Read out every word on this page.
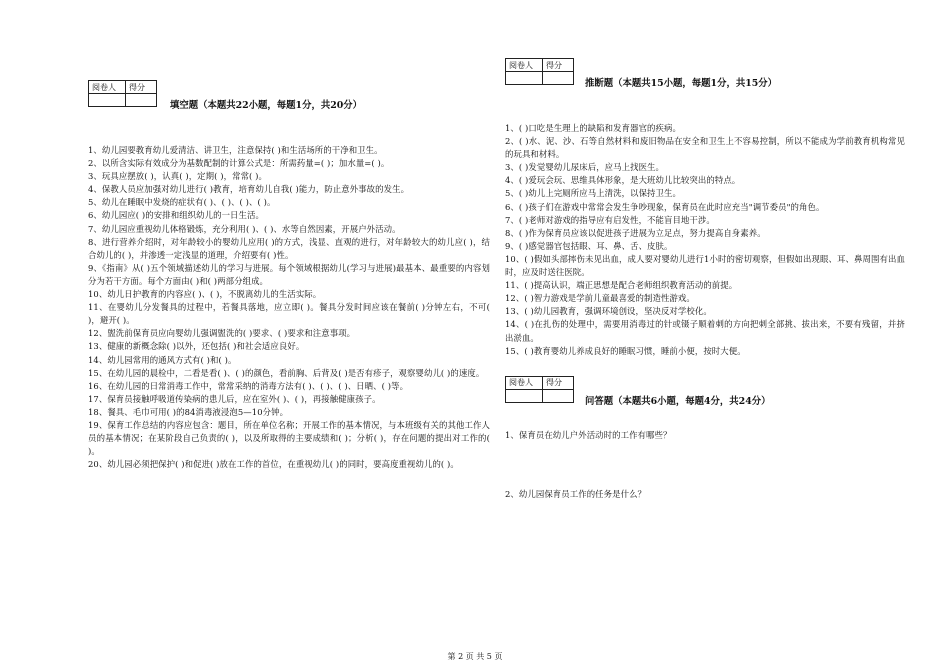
阅卷人	得分

填空题（本题共22小题，每题1分，共20分）
1、幼儿园要教育幼儿爱清洁、讲卫生，注意保持( )和生活场所的干净和卫生。
2、以所含实际有效成分为基数配制的计算公式是：所需药量=( )；加水量=( )。
3、玩具应摆放( )，认真( )，定期( )，常常( )。
4、保教人员应加强对幼儿进行( )教育，培育幼儿自我( )能力，防止意外事故的发生。
5、幼儿在睡眠中发烧的症状有( )、( )、( )、( )。
6、幼儿园应( )的安排和组织幼儿的一日生活。
7、幼儿园应重视幼儿体格锻炼，充分利用( )、( )、水等自然因素，开展户外活动。
8、进行营养介绍时，对年龄较小的婴幼儿应用( )的方式，浅显、直观的进行，对年龄较大的幼儿应( )，结合幼儿的( )，并渗透一定浅显的道理，介绍要有( )性。
9、《指南》从( )五个领域描述幼儿的学习与进展。每个领域根据幼儿(学习与进展)最基本、最重要的内容划分为若干方面。每个方面由( )和( )两部分组成。
10、幼儿日护教育的内容应( )、( )，不脱离幼儿的生活实际。
11、在婴幼儿分发餐具的过程中，若餐具落地，应立即( )。餐具分发时间应该在餐前( )分钟左右，不可( )，避开( )。
12、盥洗前保育员应向婴幼儿强调盥洗的( )要求、( )要求和注意事项。
13、健康的新概念除( )以外，还包括( )和社会适应良好。
14、幼儿园常用的通风方式有( )和( )。
15、在幼儿园的晨检中，二看是看( )、( )的颜色，看前胸、后背及( )是否有疹子，观察婴幼儿( )的速度。
16、在幼儿园的日常消毒工作中，常常采纳的消毒方法有( )、( )、( )、日晒、( )等。
17、保育员接触呼吸道传染病的患儿后，应在室外( )、( )，再接触健康孩子。
18、餐具、毛巾可用( )的84消毒液浸泡5—10分钟。
19、保育工作总结的内容应包含：题目，所在单位名称；开展工作的基本情况，与本班级有关的其他工作人员的基本情况；在某阶段自己负责的( )，以及所取得的主要成绩和( )；分析( )，存在问题的提出对工作的( )。
20、幼儿园必须把保护( )和促进( )放在工作的首位，在重视幼儿( )的同时，要高度重视幼儿的( )。
阅卷人	得分

推断题（本题共15小题，每题1分，共15分）
1、( )口吃是生理上的缺陷和发育器官的疾病。
2、( )水、泥、沙、石等自然材料和废旧物品在安全和卫生上不容易控制，所以不能成为学前教育机构常见的玩具和材料。
3、( )发觉婴幼儿尿床后，应马上找医生。
4、( )爱玩会玩、思维具体形象，是大班幼儿比较突出的特点。
5、( )幼儿上完厕所应马上清洗，以保持卫生。
6、( )孩子们在游戏中常常会发生争吵现象，保育员在此时应充当"调节委员"的角色。
7、( )老师对游戏的指导应有启发性，不能盲目地干涉。
8、( )作为保育员应该以促进孩子进展为立足点，努力提高自身素养。
9、( )感觉器官包括眼、耳、鼻、舌、皮肤。
10、( )假如头部摔伤未见出血，成人要对婴幼儿进行1小时的密切观察，但假如出现眼、耳、鼻周围有出血时，应及时送往医院。
11、( )提高认识，端正思想是配合老师组织教育活动的前提。
12、( )智力游戏是学前儿童最喜爱的制造性游戏。
13、( )幼儿园教育，强调环境创设，坚决反对学校化。
14、( )在扎伤的处理中，需要用消毒过的针或镊子顺着刺的方向把刺全部挑、拔出来，不要有残留，并挤出淤血。
15、( )教育婴幼儿养成良好的睡眠习惯，睡前小便，按时大便。
阅卷人	得分

问答题（本题共6小题，每题4分，共24分）
1、保育员在幼儿户外活动时的工作有哪些？
2、幼儿园保育员工作的任务是什么？
第 2 页 共 5 页
